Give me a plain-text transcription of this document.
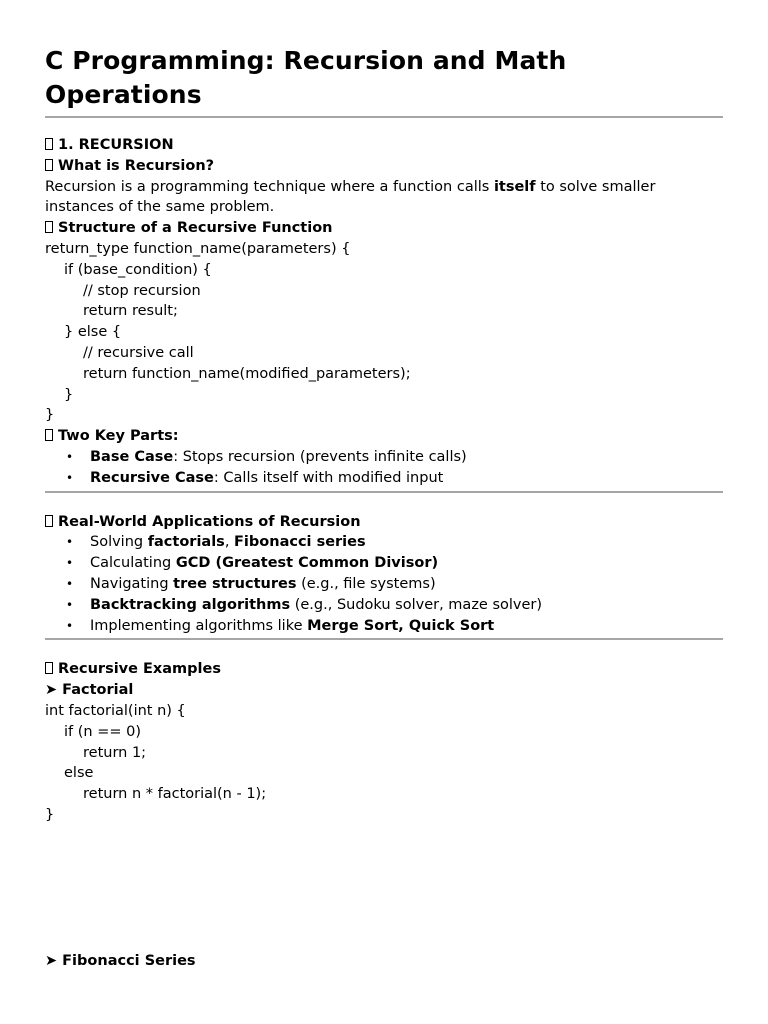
C Programming: Recursion and Math Operations
1. RECURSION
What is Recursion?
Recursion is a programming technique where a function calls itself to solve smaller instances of the same problem.
Structure of a Recursive Function
return_type function_name(parameters) {
if (base_condition) {
// stop recursion
return result;
} else {
// recursive call
return function_name(modified_parameters);
}
}
Two Key Parts:
• Base Case: Stops recursion (prevents infinite calls)
• Recursive Case: Calls itself with modified input
Real-World Applications of Recursion
• Solving factorials, Fibonacci series
• Calculating GCD (Greatest Common Divisor)
• Navigating tree structures (e.g., file systems)
• Backtracking algorithms (e.g., Sudoku solver, maze solver)
• Implementing algorithms like Merge Sort, Quick Sort
Recursive Examples
➤ Factorial
int factorial(int n) {
if (n == 0)
return 1;
else
return n * factorial(n - 1);
}
➤ Fibonacci Series
